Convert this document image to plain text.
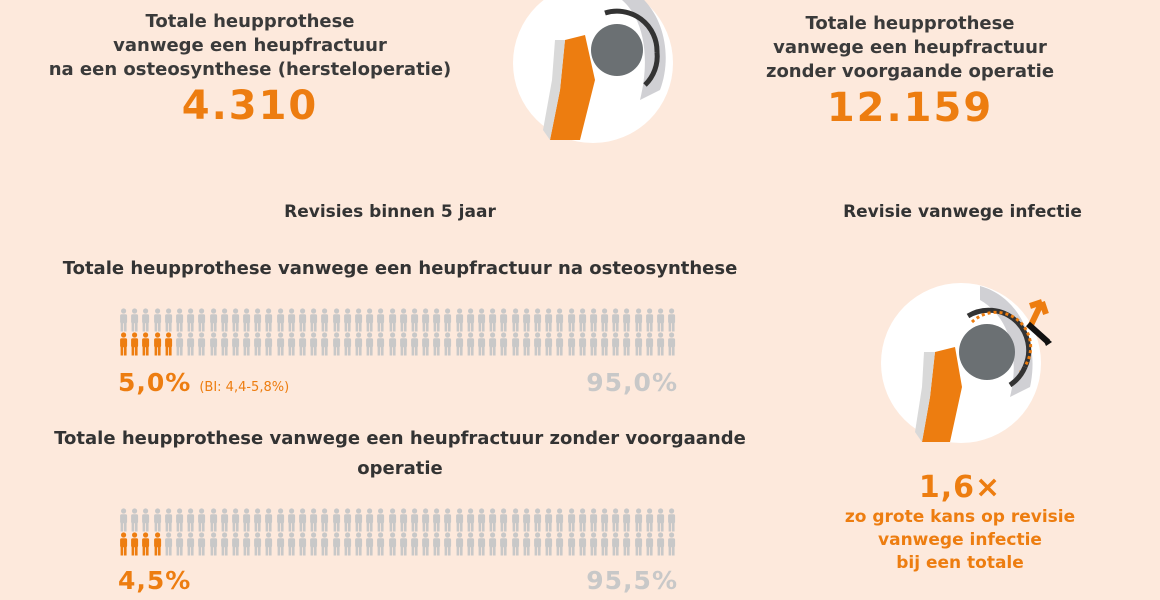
Totale heupprothese
vanwege een heupfractuur
na een osteosynthese (hersteloperatie)
4.310
Totale heupprothese
vanwege een heupfractuur
zonder voorgaande operatie
12.159
Revisies binnen 5 jaar	Revisie vanwege infectie
Totale heupprothese vanwege een heupfractuur na osteosynthese
5,0% (BI: 4,4-5,8%)	95,0%
Totale heupprothese vanwege een heupfractuur zonder voorgaande
operatie
4,5%	95,5%
1,6×
zo grote kans op revisie
vanwege infectie
bij een totale
